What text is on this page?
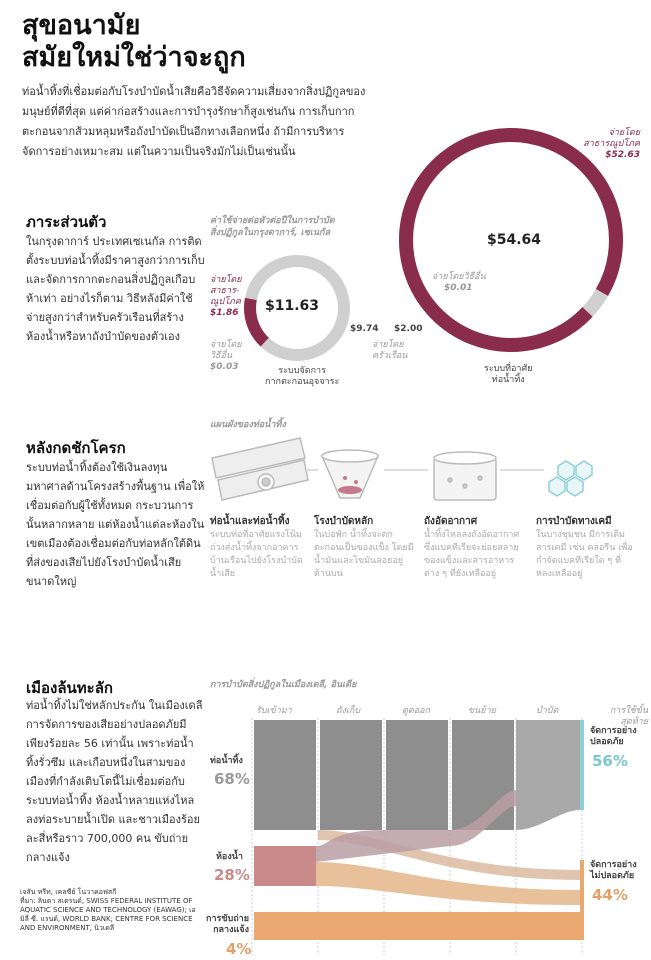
สุขอนามัย
สมัยใหม่ใช่ว่าจะถูก
ท่อน้ำทิ้งที่เชื่อมต่อกับโรงบำบัดน้ำเสียคือวิธีจัดความเสี่ยงจากสิ่งปฏิกูลของมนุษย์ที่ดีที่สุด แต่ค่าก่อสร้างและการบำรุงรักษาก็สูงเช่นกัน การเก็บกากตะกอนจากส้วมหลุมหรือถังบำบัดเป็นอีกทางเลือกหนึ่ง ถ้ามีการบริหารจัดการอย่างเหมาะสม แต่ในความเป็นจริงมักไม่เป็นเช่นนั้น
ภาระส่วนตัว
ในกรุงดาการ์ ประเทศเซเนกัล การติดตั้งระบบท่อน้ำทิ้งมีราคาสูงกว่าการเก็บและจัดการกากตะกอนสิ่งปฏิกูลเกือบห้าเท่า อย่างไรก็ตาม วิธีหลังมีค่าใช้จ่ายสูงกว่าสำหรับครัวเรือนที่สร้างห้องน้ำหรือหาถังบำบัดของตัวเอง
ค่าใช้จ่ายต่อหัวต่อปีในการบำบัด
สิ่งปฏิกูลในกรุงดาการ์, เซเนกัล
$11.63
จ่ายโดย
สาธาร-
ณูปโภค
$1.86
จ่ายโดย
วิธีอื่น
$0.03
$9.74
ระบบจัดการ
กากตะกอนอุจจาระ
$54.64
จ่ายโดย
สาธารณูปโภค
$52.63
จ่ายโดยวิธีอื่น
$0.01
$2.00
จ่ายโดย
ครัวเรือน
ระบบที่อาศัย
ท่อน้ำทิ้ง
หลังกดชักโครก
ระบบท่อน้ำทิ้งต้องใช้เงินลงทุนมหาศาลด้านโครงสร้างพื้นฐาน เพื่อให้เชื่อมต่อกับผู้ใช้ทั้งหมด กระบวนการนั้นหลากหลาย แต่ห้องน้ำแต่ละห้องในเขตเมืองต้องเชื่อมต่อกับท่อหลักใต้ดินที่ส่งของเสียไปยังโรงบำบัดน้ำเสียขนาดใหญ่
แผนผังของท่อน้ำทิ้ง
ท่อน้ำและท่อน้ำทิ้ง
ระบบท่อที่อาศัยแรงโน้มถ่วงส่งน้ำทิ้งจากอาคารบ้านเรือนไปยังโรงบำบัดน้ำเสีย
โรงบำบัดหลัก
ในบ่อพัก น้ำทิ้งจะตกตะกอนเป็นของแข็ง โดยมีน้ำมันและไขมันลอยอยู่ด้านบน
ถังอัดอากาศ
น้ำทิ้งไหลลงถังอัดอากาศ ซึ่งแบคทีเรียจะย่อยสลายของแข็งและสารอาหารต่าง ๆ ที่ยังเหลืออยู่
การบำบัดทางเคมี
ในบางชุมชน มีการเติมสารเคมี เช่น คลอรีน เพื่อกำจัดแบคทีเรียใด ๆ ที่หลงเหลืออยู่
เมืองล้นทะลัก
ท่อน้ำทิ้งไม่ใช่หลักประกัน ในเมืองเดลี การจัดการของเสียอย่างปลอดภัยมีเพียงร้อยละ 56 เท่านั้น เพราะท่อน้ำทิ้งรั่วซึม และเกือบหนึ่งในสามของเมืองที่กำลังเติบโตนี้ไม่เชื่อมต่อกับระบบท่อน้ำทิ้ง ห้องน้ำหลายแห่งไหลลงท่อระบายน้ำเปิด และชาวเมืองร้อยละสี่หรือราว 700,000 คน ขับถ่ายกลางแจ้ง
การบำบัดสิ่งปฏิกูลในเมืองเดลี, อินเดีย
รับเข้ามา	ถังเก็บ	ดูดออก	ขนย้าย	บำบัด	การใช้ขั้นสุดท้าย
ท่อน้ำทิ้ง
68%
ห้องน้ำ
28%
การขับถ่าย
กลางแจ้ง
4%
จัดการอย่าง
ปลอดภัย
56%
จัดการอย่าง
ไม่ปลอดภัย
44%
เจสัน ทรีท, เคลซีย์ โนวาคอฟสกี
ที่มา: ลินดา สเตรนด์, SWISS FEDERAL INSTITUTE OF AQUATIC SCIENCE AND TECHNOLOGY (EAWAG); เอมิลี่ ซี. แรนด์, WORLD BANK; CENTRE FOR SCIENCE AND ENVIRONMENT, นิวเดลี
